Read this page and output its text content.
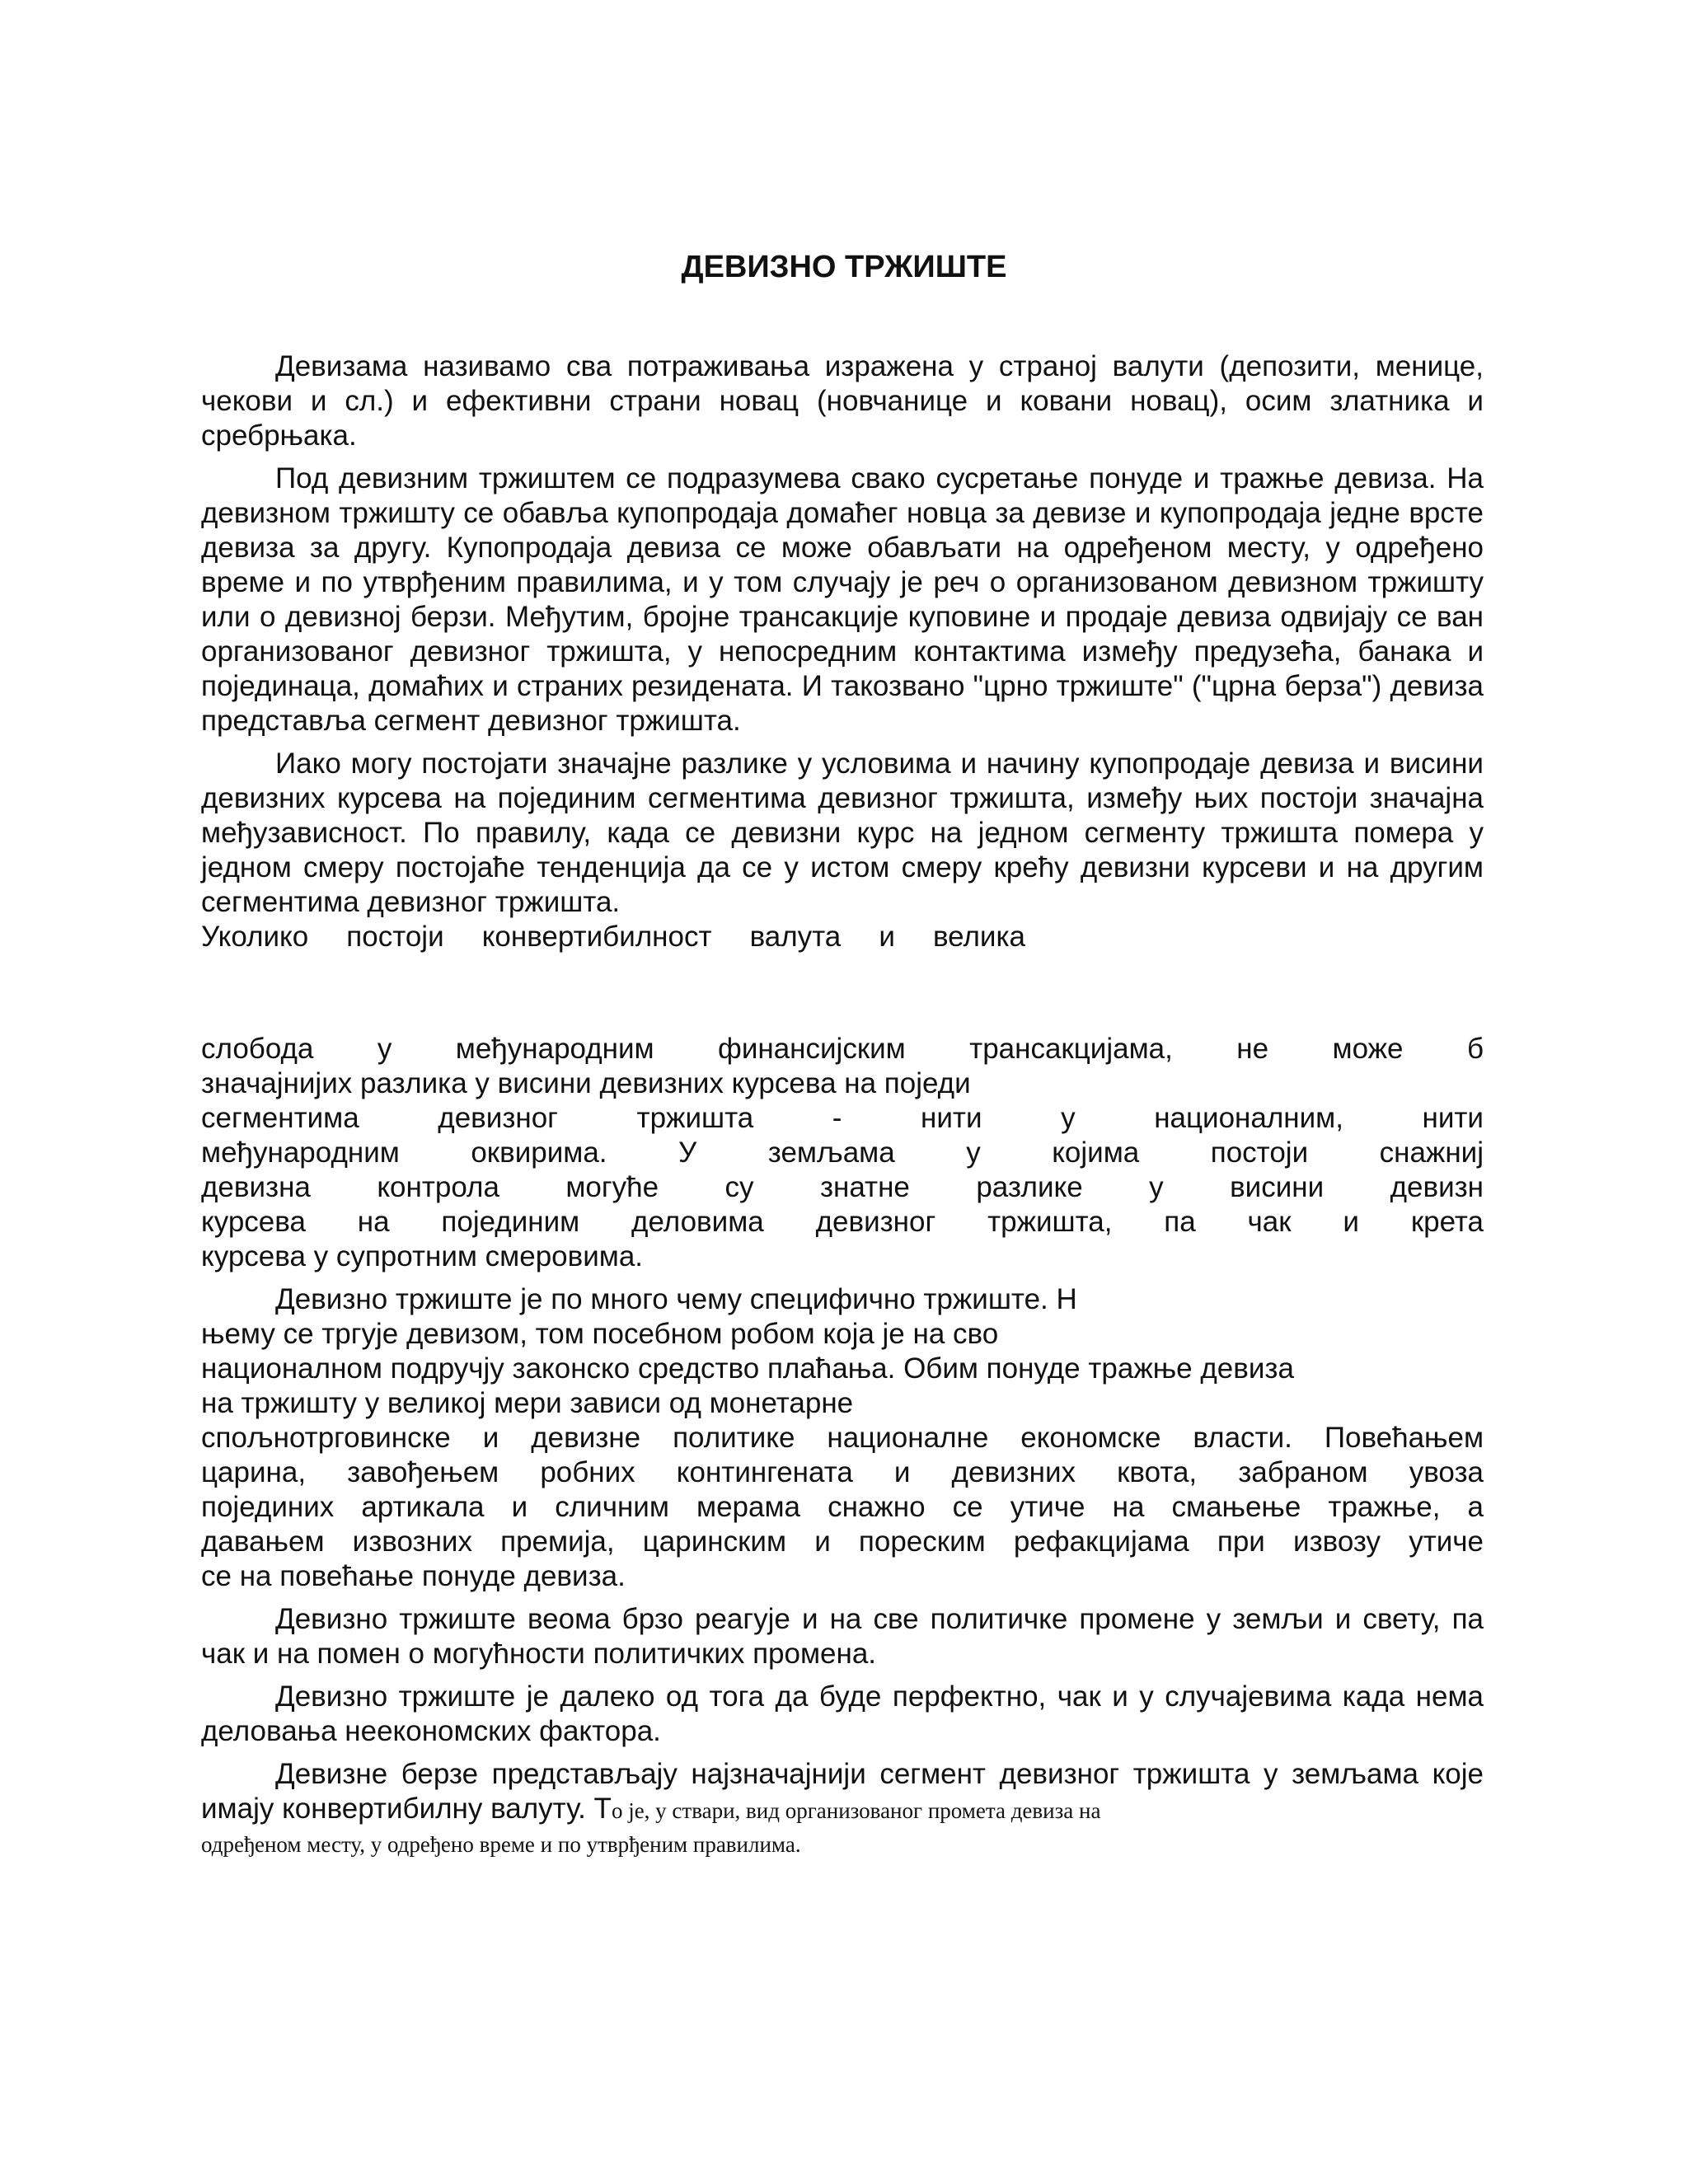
ДЕВИЗНО ТРЖИШТЕ

Девизама називамо сва потраживања изражена у страној валути (депозити, менице, чекови и сл.) и ефективни страни новац (новчанице и ковани новац), осим златника и сребрњака.

Под девизним тржиштем се подразумева свако сусретање понуде и тражње девиза. На девизном тржишту се обавља купопродаја домаћег новца за девизе и купопродаја једне врсте девиза за другу. Купопродаја девиза се може обављати на одређеном месту, у одређено време и по утврђеним правилима, и у том случају је реч о организованом девизном тржишту или о девизној берзи. Међутим, бројне трансакције куповине и продаје девиза одвијају се ван организованог девизног тржишта, у непосредним контактима између предузећа, банака и појединаца, домаћих и страних резидената. И такозвано "црно тржиште" ("црна берза") девиза представља сегмент девизног тржишта.

Иако могу постојати значајне разлике у условима и начину купопродаје девиза и висини девизних курсева на појединим сегментима девизног тржишта, између њих постоји значајна међузависност. По правилу, када се девизни курс на једном сегменту тржишта помера у једном смеру постојаће тенденција да се у истом смеру крећу девизни курсеви и на другим сегментима девизног тржишта.

Уколико постоји конвертибилност валута и велика
слобода у међународним финансијским трансакцијама, не може б
значајнијих разлика у висини девизних курсева на поједи
сегментима девизног тржишта - нити у националним, нити
међународним оквирима. У земљама у којима постоји снажниј
девизна контрола могуће су знатне разлике у висини девизн
курсева на појединим деловима девизног тржишта, па чак и крета
курсева у супротним смеровима.
Девизно тржиште је по много чему специфично тржиште. Н
њему се тргује девизом, том посебном робом која је на сво
националном подручју законско средство плаћања. Обим понуде тражње девиза
на тржишту у великој мери зависи од монетарне
спољнотрговинске и девизне политике националне економске власти. Повећањем
царина, завођењем робних контингената и девизних квота, забраном увоза
појединих артикала и сличним мерама снажно се утиче на смањење тражње, а
давањем извозних премија, царинским и пореским рефакцијама при извозу утиче
се на повећање понуде девиза.

Девизно тржиште веома брзо реагује и на све политичке промене у земљи и свету, па чак и на помен о могућности политичких промена.

Девизно тржиште је далеко од тога да буде перфектно, чак и у случајевима када нема деловања неекономских фактора.

Девизне берзе представљају најзначајнији сегмент девизног тржишта у земљама које имају конвертибилну валуту. То је, у ствари, вид организованог промета девиза на

одређеном месту, у одређено време и по утврђеним правилима.
